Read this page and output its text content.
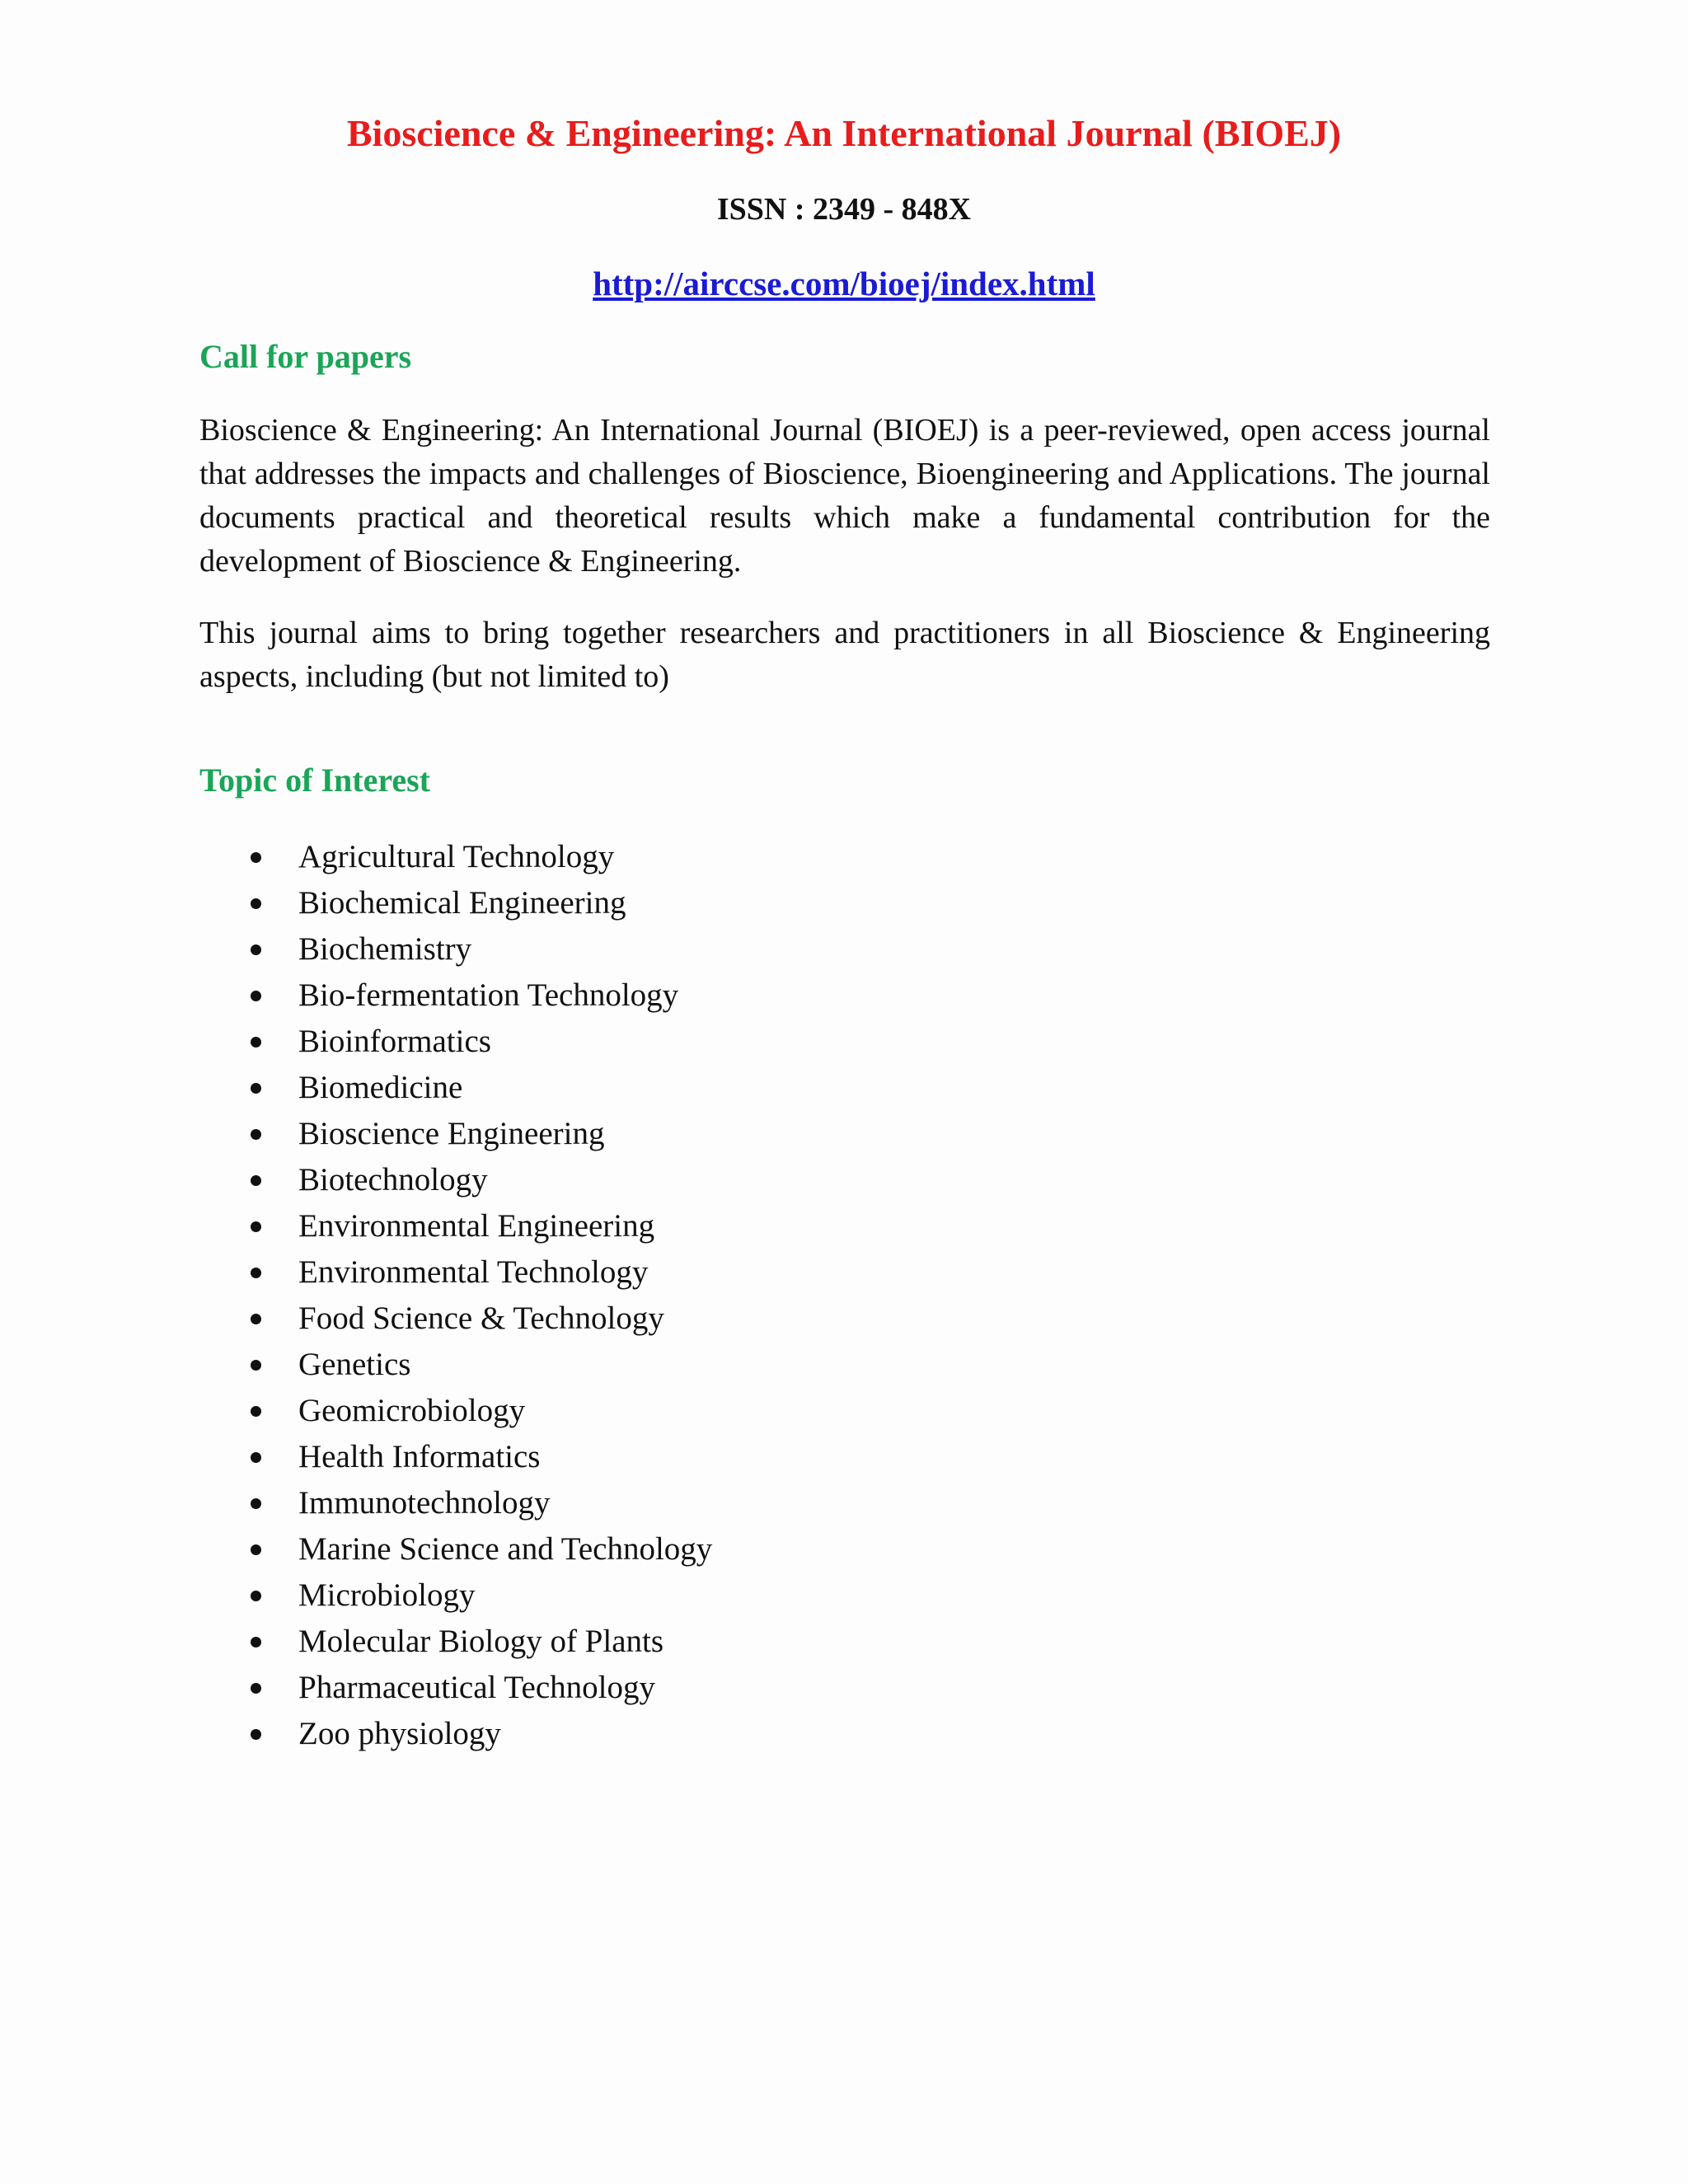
Bioscience & Engineering: An International Journal (BIOEJ)

ISSN : 2349 - 848X

http://airccse.com/bioej/index.html

Call for papers

Bioscience & Engineering: An International Journal (BIOEJ) is a peer-reviewed, open access journal that addresses the impacts and challenges of Bioscience, Bioengineering and Applications. The journal documents practical and theoretical results which make a fundamental contribution for the development of Bioscience & Engineering.

This journal aims to bring together researchers and practitioners in all Bioscience & Engineering aspects, including (but not limited to)

Topic of Interest
Agricultural Technology
Biochemical Engineering
Biochemistry
Bio-fermentation Technology
Bioinformatics
Biomedicine
Bioscience Engineering
Biotechnology
Environmental Engineering
Environmental Technology
Food Science & Technology
Genetics
Geomicrobiology
Health Informatics
Immunotechnology
Marine Science and Technology
Microbiology
Molecular Biology of Plants
Pharmaceutical Technology
Zoo physiology
